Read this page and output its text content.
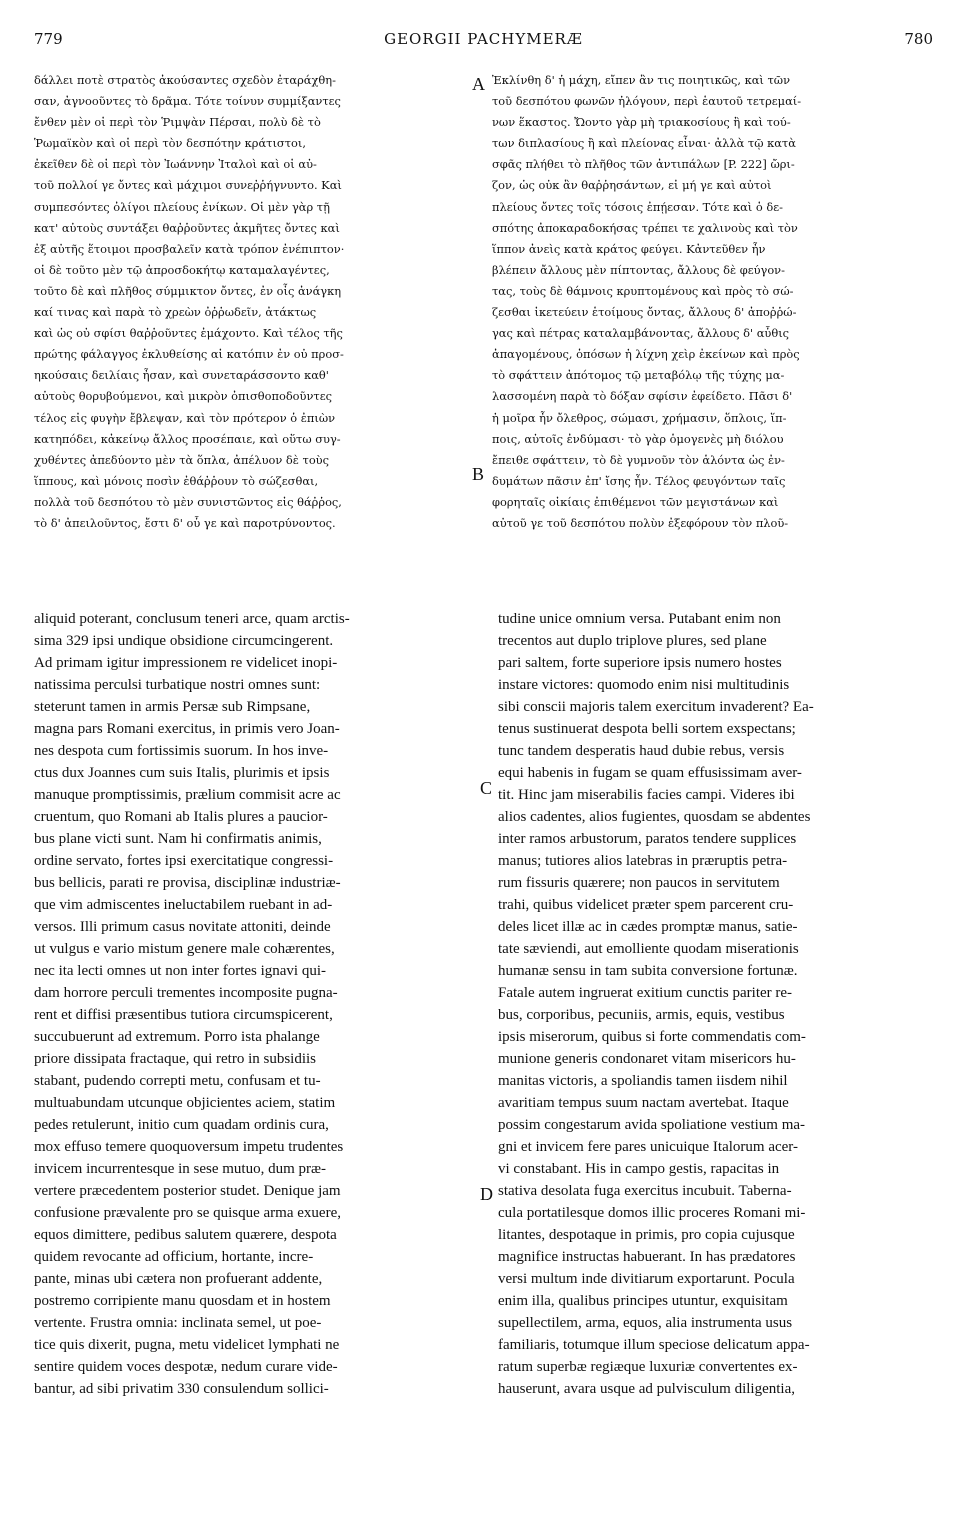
779	GEORGII PACHYMERÆ	780
δάλλει ποτὲ στρατὸς ἀκούσαντες σχεδὸν ἐταράχθη-
σαν, ἀγνοοῦντες τὸ δρᾶμα. Τότε τοίνυν συμμίξαντες
ἔνθεν μὲν οἱ περὶ τὸν Ῥιμψὰν Πέρσαι, πολὺ δὲ τὸ
Ῥωμαϊκὸν καὶ οἱ περὶ τὸν δεσπότην κράτιστοι,
ἐκεῖθεν δὲ οἱ περὶ τὸν Ἰωάννην Ἰταλοὶ καὶ οἱ αὐ-
τοῦ πολλοί γε ὄντες καὶ μάχιμοι συνεῤῥήγνυντο. Καὶ
συμπεσόντες ὀλίγοι πλείους ἐνίκων. Οἱ μὲν γὰρ τῇ
κατ' αὐτοὺς συντάξει θαῤῥοῦντες ἀκμῆτες ὄντες καὶ
ἐξ αὐτῆς ἕτοιμοι προσβαλεῖν κατὰ τρόπον ἐνέπιπτον·
οἱ δὲ τοῦτο μὲν τῷ ἀπροσδοκήτῳ καταμαλαγέντες,
τοῦτο δὲ καὶ πλῆθος σύμμικτον ὄντες, ἐν οἷς ἀνάγκη
καί τινας καὶ παρὰ τὸ χρεὼν ὀῤῥωδεῖν, ἀτάκτως
καὶ ὡς οὐ σφίσι θαῤῥοῦντες ἐμάχοντο. Καὶ τέλος τῆς
πρώτης φάλαγγος ἐκλυθείσης αἱ κατόπιν ἐν οὐ προσ-
ηκούσαις δειλίαις ἦσαν, καὶ συνεταράσσοντο καθ'
αὑτοὺς θορυβούμενοι, καὶ μικρὸν ὀπισθοποδοῦντες
τέλος εἰς φυγὴν ἔβλεψαν, καὶ τὸν πρότερον ὁ ἐπιὼν
κατηπόδει, κἀκείνῳ ἄλλος προσέπαιε, καὶ οὕτω συγ-
χυθέντες ἀπεδύοντο μὲν τὰ ὅπλα, ἀπέλυον δὲ τοὺς
ἵππους, καὶ μόνοις ποσὶν ἐθάῤῥουν τὸ σώζεσθαι,
πολλὰ τοῦ δεσπότου τὸ μὲν συνιστῶντος εἰς θάῤῥος,
τὸ δ' ἀπειλοῦντος, ἔστι δ' οὗ γε καὶ παροτρύνοντος.
Ἐκλίνθη δ' ἡ μάχη, εἴπεν ἂν τις ποιητικῶς, καὶ τῶν
τοῦ δεσπότου φωνῶν ἠλόγουν, περὶ ἑαυτοῦ τετρεμαί-
νων ἕκαστος. Ὤοντο γὰρ μὴ τριακοσίους ἢ καὶ τού-
των διπλασίους ἢ καὶ πλείονας εἶναι· ἀλλὰ τῷ κατὰ
σφᾶς πλήθει τὸ πλῆθος τῶν ἀντιπάλων [P. 222] ὤρι-
ζον, ὡς οὐκ ἂν θαῤῥησάντων, εἰ μή γε καὶ αὐτοὶ
πλείους ὄντες τοῖς τόσοις ἐπῄεσαν. Τότε καὶ ὁ δε-
σπότης ἀποκαραδοκήσας τρέπει τε χαλινοὺς καὶ τὸν
ἵππον ἀνεὶς κατὰ κράτος φεύγει. Κἀντεῦθεν ἦν
βλέπειν ἄλλους μὲν πίπτοντας, ἄλλους δὲ φεύγον-
τας, τοὺς δὲ θάμνοις κρυπτομένους καὶ πρὸς τὸ σώ-
ζεσθαι ἱκετεύειν ἑτοίμους ὄντας, ἄλλους δ' ἀποῤῥώ-
γας καὶ πέτρας καταλαμβάνοντας, ἄλλους δ' αὖθις
ἀπαγομένους, ὁπόσων ἡ λίχνη χεὶρ ἐκείνων καὶ πρὸς
τὸ σφάττειν ἀπότομος τῷ μεταβόλῳ τῆς τύχης μα-
λασσομένη παρὰ τὸ δόξαν σφίσιν ἐφείδετο. Πᾶσι δ'
ἡ μοῖρα ἦν ὄλεθρος, σώμασι, χρήμασιν, ὅπλοις, ἵπ-
ποις, αὐτοῖς ἐνδύμασι· τὸ γὰρ ὁμογενὲς μὴ διόλου
ἔπειθε σφάττειν, τὸ δὲ γυμνοῦν τὸν ἁλόντα ὡς ἐν-
δυμάτων πᾶσιν ἐπ' ἴσης ἦν. Τέλος φευγόντων ταῖς
φορηταῖς οἰκίαις ἐπιθέμενοι τῶν μεγιστάνων καὶ
αὐτοῦ γε τοῦ δεσπότου πολὺν ἐξεφόρουν τὸν πλοῦ-
aliquid poterant, conclusum teneri arce, quam arctis-
sima 329 ipsi undique obsidione circumcingerent.
Ad primam igitur impressionem re videlicet inopi-
natissima perculsi turbatique nostri omnes sunt:
steterunt tamen in armis Persæ sub Rimpsane,
magna pars Romani exercitus, in primis vero Joan-
nes despota cum fortissimis suorum. In hos inve-
ctus dux Joannes cum suis Italis, plurimis et ipsis
manuque promptissimis, prælium commisit acre ac
cruentum, quo Romani ab Italis plures a paucior-
bus plane victi sunt. Nam hi confirmatis animis,
ordine servato, fortes ipsi exercitatique congressi-
bus bellicis, parati re provisa, disciplinæ industriæ-
que vim admiscentes ineluctabilem ruebant in ad-
versos. Illi primum casus novitate attoniti, deinde
ut vulgus e vario mistum genere male cohærentes,
nec ita lecti omnes ut non inter fortes ignavi qui-
dam horrore perculi trementes incomposite pugna-
rent et diffisi præsentibus tutiora circumspicerent,
succubuerunt ad extremum. Porro ista phalange
priore dissipata fractaque, qui retro in subsidiis
stabant, pudendo correpti metu, confusam et tu-
multuabundam utcunque objicientes aciem, statim
pedes retulerunt, initio cum quadam ordinis cura,
mox effuso temere quoquoversum impetu trudentes
invicem incurrentesque in sese mutuo, dum præ-
vertere præcedentem posterior studet. Denique jam
confusione prævalente pro se quisque arma exuere,
equos dimittere, pedibus salutem quærere, despota
quidem revocante ad officium, hortante, incre-
pante, minas ubi cætera non profuerant addente,
postremo corripiente manu quosdam et in hostem
vertente. Frustra omnia: inclinata semel, ut poe-
tice quis dixerit, pugna, metu videlicet lymphati ne
sentire quidem voces despotæ, nedum curare vide-
bantur, ad sibi privatim 330 consulendum sollici-
tudine unice omnium versa. Putabant enim non
trecentos aut duplo triplove plures, sed plane
pari saltem, forte superiore ipsis numero hostes
instare victores: quomodo enim nisi multitudinis
sibi conscii majoris talem exercitum invaderent? Ea-
tenus sustinuerat despota belli sortem exspectans;
tunc tandem desperatis haud dubie rebus, versis
equi habenis in fugam se quam effusissimam aver-
tit. Hinc jam miserabilis facies campi. Videres ibi
alios cadentes, alios fugientes, quosdam se abdentes
inter ramos arbustorum, paratos tendere supplices
manus; tutiores alios latebras in præruptis petra-
rum fissuris quærere; non paucos in servitutem
trahi, quibus videlicet præter spem parcerent cru-
deles licet illæ ac in cædes promptæ manus, satie-
tate sæviendi, aut emolliente quodam miserationis
humanæ sensu in tam subita conversione fortunæ.
Fatale autem ingruerat exitium cunctis pariter re-
bus, corporibus, pecuniis, armis, equis, vestibus
ipsis miserorum, quibus si forte commendatis com-
munione generis condonaret vitam misericors hu-
manitas victoris, a spoliandis tamen iisdem nihil
avaritiam tempus suum nactam avertebat. Itaque
possim congestarum avida spoliatione vestium ma-
gni et invicem fere pares unicuique Italorum acer-
vi constabant. His in campo gestis, rapacitas in
stativa desolata fuga exercitus incubuit. Taberna-
cula portatilesque domos illic proceres Romani mi-
litantes, despotaque in primis, pro copia cujusque
magnifice instructas habuerant. In has prædatores
versi multum inde divitiarum exportarunt. Pocula
enim illa, qualibus principes utuntur, exquisitam
supellectilem, arma, equos, alia instrumenta usus
familiaris, totumque illum speciose delicatum appa-
ratum superbæ regiæque luxuriæ convertentes ex-
hauserunt, avara usque ad pulvisculum diligentia,
A
B
C
D
